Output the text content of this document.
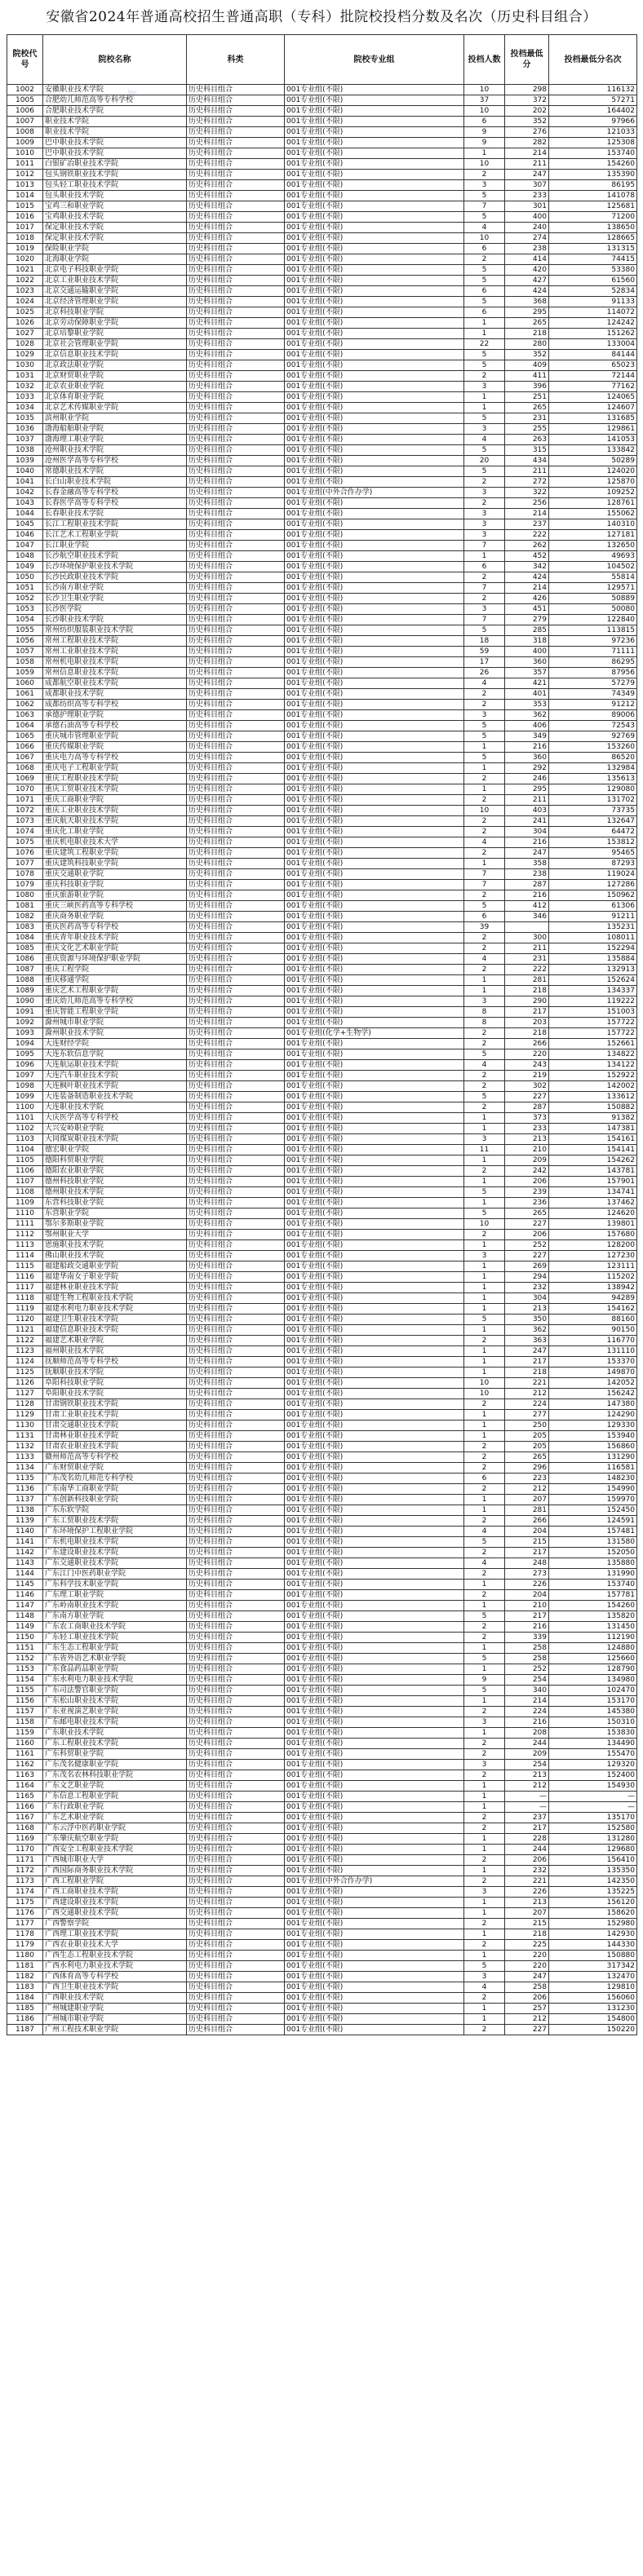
安徽省2024年普通高校招生普通高职（专科）批院校投档分数及名次（历史科目组合）
✦
院校代号	院校名称	科类	院校专业组	投档人数	投档最低分	投档最低分名次
1002	安徽职业技术学院	历史科目组合	001专业组(不限)	10	298	116132
1005	合肥幼儿师范高等专科学校	历史科目组合	001专业组(不限)	37	372	57271
1006	合肥职业技术学院	历史科目组合	001专业组(不限)	10	202	164402
1007	职业技术学院	历史科目组合	001专业组(不限)	6	352	97966
1008	职业技术学院	历史科目组合	001专业组(不限)	9	276	121033
1009	巴中职业技术学院	历史科目组合	001专业组(不限)	9	282	125308
1010	巴中职业技术学院	历史科目组合	001专业组(不限)	1	214	153740
1011	白银矿冶职业技术学院	历史科目组合	001专业组(不限)	10	211	154260
1012	包头钢铁职业技术学院	历史科目组合	001专业组(不限)	2	247	135390
1013	包头轻工职业技术学院	历史科目组合	001专业组(不限)	3	307	86195
1014	包头职业技术学院	历史科目组合	001专业组(不限)	5	233	141078
1015	宝鸡三和职业学院	历史科目组合	001专业组(不限)	7	301	125681
1016	宝鸡职业技术学院	历史科目组合	001专业组(不限)	5	400	71200
1017	保定职业技术学院	历史科目组合	001专业组(不限)	4	240	138650
1018	保定职业技术学院	历史科目组合	001专业组(不限)	10	274	128665
1019	保险职业学院	历史科目组合	001专业组(不限)	6	238	131315
1020	北海职业学院	历史科目组合	001专业组(不限)	2	414	74415
1021	北京电子科技职业学院	历史科目组合	001专业组(不限)	5	420	53380
1022	北京工业职业技术学院	历史科目组合	001专业组(不限)	5	427	61560
1023	北京交通运输职业学院	历史科目组合	001专业组(不限)	6	424	52834
1024	北京经济管理职业学院	历史科目组合	001专业组(不限)	5	368	91133
1025	北京科技职业学院	历史科目组合	001专业组(不限)	6	295	114072
1026	北京劳动保障职业学院	历史科目组合	001专业组(不限)	1	265	124242
1027	北京培黎职业学院	历史科目组合	001专业组(不限)	1	218	151262
1028	北京社会管理职业学院	历史科目组合	001专业组(不限)	22	280	133004
1029	北京信息职业技术学院	历史科目组合	001专业组(不限)	5	352	84144
1030	北京政法职业学院	历史科目组合	001专业组(不限)	5	409	65023
1031	北京财贸职业学院	历史科目组合	001专业组(不限)	2	411	72144
1032	北京农业职业学院	历史科目组合	001专业组(不限)	3	396	77162
1033	北京体育职业学院	历史科目组合	001专业组(不限)	1	251	124065
1034	北京艺术传媒职业学院	历史科目组合	001专业组(不限)	1	265	124607
1035	滨州职业学院	历史科目组合	001专业组(不限)	5	231	131685
1036	渤海船舶职业学院	历史科目组合	001专业组(不限)	3	255	129861
1037	渤海理工职业学院	历史科目组合	001专业组(不限)	4	263	141053
1038	沧州职业技术学院	历史科目组合	001专业组(不限)	5	315	133842
1039	沧州医学高等专科学校	历史科目组合	001专业组(不限)	20	434	50289
1040	常德职业技术学院	历史科目组合	001专业组(不限)	5	211	124020
1041	长白山职业技术学院	历史科目组合	001专业组(不限)	2	272	125870
1042	长春金融高等专科学校	历史科目组合	001专业组(中外合作办学)	3	322	109252
1043	长春医学高等专科学校	历史科目组合	001专业组(不限)	2	256	128761
1044	长春职业技术学院	历史科目组合	001专业组(不限)	3	214	155062
1045	长江工程职业技术学院	历史科目组合	001专业组(不限)	3	237	140310
1046	长江艺术工程职业学院	历史科目组合	001专业组(不限)	3	222	127181
1047	长江职业学院	历史科目组合	001专业组(不限)	7	262	132650
1048	长沙航空职业技术学院	历史科目组合	001专业组(不限)	1	452	49693
1049	长沙环境保护职业技术学院	历史科目组合	001专业组(不限)	6	342	104502
1050	长沙民政职业技术学院	历史科目组合	001专业组(不限)	2	424	55814
1051	长沙南方职业学院	历史科目组合	001专业组(不限)	7	214	129571
1052	长沙卫生职业学院	历史科目组合	001专业组(不限)	2	426	50889
1053	长沙医学院	历史科目组合	001专业组(不限)	3	451	50080
1054	长沙职业技术学院	历史科目组合	001专业组(不限)	7	279	122840
1055	常州纺织服装职业技术学院	历史科目组合	001专业组(不限)	5	285	113815
1056	常州工程职业技术学院	历史科目组合	001专业组(不限)	18	318	97236
1057	常州工业职业技术学院	历史科目组合	001专业组(不限)	59	400	71111
1058	常州机电职业技术学院	历史科目组合	001专业组(不限)	17	360	86295
1059	常州信息职业技术学院	历史科目组合	001专业组(不限)	26	357	87956
1060	成都航空职业技术学院	历史科目组合	001专业组(不限)	4	421	57279
1061	成都职业技术学院	历史科目组合	001专业组(不限)	2	401	74349
1062	成都纺织高等专科学校	历史科目组合	001专业组(不限)	2	353	91212
1063	承德护理职业学院	历史科目组合	001专业组(不限)	3	362	89006
1064	承德石油高等专科学校	历史科目组合	001专业组(不限)	5	406	72543
1065	重庆城市管理职业学院	历史科目组合	001专业组(不限)	5	349	92769
1066	重庆传媒职业学院	历史科目组合	001专业组(不限)	1	216	153260
1067	重庆电力高等专科学校	历史科目组合	001专业组(不限)	5	360	86520
1068	重庆电子工程职业学院	历史科目组合	001专业组(不限)	1	292	132984
1069	重庆工程职业技术学院	历史科目组合	001专业组(不限)	2	246	135613
1070	重庆工贸职业技术学院	历史科目组合	001专业组(不限)	1	295	129080
1071	重庆工商职业学院	历史科目组合	001专业组(不限)	2	211	131702
1072	重庆工业职业技术学院	历史科目组合	001专业组(不限)	10	403	73735
1073	重庆航天职业技术学院	历史科目组合	001专业组(不限)	2	241	132647
1074	重庆化工职业学院	历史科目组合	001专业组(不限)	2	304	64472
1075	重庆机电职业技术大学	历史科目组合	001专业组(不限)	4	216	153812
1076	重庆建筑工程职业学院	历史科目组合	001专业组(不限)	2	247	95465
1077	重庆建筑科技职业学院	历史科目组合	001专业组(不限)	1	358	87293
1078	重庆交通职业学院	历史科目组合	001专业组(不限)	7	238	119024
1079	重庆科技职业学院	历史科目组合	001专业组(不限)	7	287	127286
1080	重庆旅游职业学院	历史科目组合	001专业组(不限)	2	216	150962
1081	重庆三峡医药高等专科学校	历史科目组合	001专业组(不限)	5	412	61306
1082	重庆商务职业学院	历史科目组合	001专业组(不限)	6	346	91211
1083	重庆医药高等专科学校	历史科目组合	001专业组(不限)	39		135231
1084	重庆青年职业技术学院	历史科目组合	001专业组(不限)	2	300	108011
1085	重庆文化艺术职业学院	历史科目组合	001专业组(不限)	2	211	152294
1086	重庆资源与环境保护职业学院	历史科目组合	001专业组(不限)	4	231	135884
1087	重庆工程学院	历史科目组合	001专业组(不限)	2	222	132913
1088	重庆移通学院	历史科目组合	001专业组(不限)	1	281	152624
1089	重庆艺术工程职业学院	历史科目组合	001专业组(不限)	1	218	134337
1090	重庆幼儿师范高等专科学校	历史科目组合	001专业组(不限)	3	290	119222
1091	重庆智能工程职业学院	历史科目组合	001专业组(不限)	8	217	151003
1092	滁州城市职业学院	历史科目组合	001专业组(不限)	8	203	157722
1093	滁州职业技术学院	历史科目组合	001专业组(化学+生物学)	2	218	157722
1094	大连财经学院	历史科目组合	001专业组(不限)	2	266	152661
1095	大连东软信息学院	历史科目组合	001专业组(不限)	5	220	134822
1096	大连航运职业技术学院	历史科目组合	001专业组(不限)	4	243	134122
1097	大连汽车职业技术学院	历史科目组合	001专业组(不限)	2	219	152922
1098	大连枫叶职业技术学院	历史科目组合	001专业组(不限)	2	302	142002
1099	大连装备制造职业技术学院	历史科目组合	001专业组(不限)	5	227	133612
1100	大连职业技术学院	历史科目组合	001专业组(不限)	2	287	150882
1101	大庆医学高等专科学校	历史科目组合	001专业组(不限)	1	373	91382
1102	大兴安岭职业学院	历史科目组合	001专业组(不限)	1	233	147381
1103	大同煤炭职业技术学院	历史科目组合	001专业组(不限)	3	213	154161
1104	德宏职业学院	历史科目组合	001专业组(不限)	11	210	154141
1105	德阳科贸职业学院	历史科目组合	001专业组(不限)	1	209	154262
1106	德阳农业职业学院	历史科目组合	001专业组(不限)	2	242	143781
1107	德州科技职业学院	历史科目组合	001专业组(不限)	1	206	157901
1108	德州职业技术学院	历史科目组合	001专业组(不限)	5	239	134741
1109	东营科技职业学院	历史科目组合	001专业组(不限)	1	236	137462
1110	东营职业学院	历史科目组合	001专业组(不限)	5	265	124620
1111	鄂尔多斯职业学院	历史科目组合	001专业组(不限)	10	227	139801
1112	鄂州职业大学	历史科目组合	001专业组(不限)	2	206	157680
1113	恩施职业技术学院	历史科目组合	001专业组(不限)	1	252	128200
1114	佛山职业技术学院	历史科目组合	001专业组(不限)	3	227	127230
1115	福建船政交通职业学院	历史科目组合	001专业组(不限)	1	269	123111
1116	福建华南女子职业学院	历史科目组合	001专业组(不限)	1	294	115202
1117	福建林业职业技术学院	历史科目组合	001专业组(不限)	1	232	138942
1118	福建生物工程职业技术学院	历史科目组合	001专业组(不限)	1	304	94289
1119	福建水利电力职业技术学院	历史科目组合	001专业组(不限)	1	213	154162
1120	福建卫生职业技术学院	历史科目组合	001专业组(不限)	5	350	88160
1121	福建信息职业技术学院	历史科目组合	001专业组(不限)	1	362	90150
1122	福建艺术职业学院	历史科目组合	001专业组(不限)	2	363	116770
1123	福州职业技术学院	历史科目组合	001专业组(不限)	1	247	131110
1124	抚顺师范高等专科学校	历史科目组合	001专业组(不限)	1	217	153370
1125	抚顺职业技术学院	历史科目组合	001专业组(不限)	1	218	149870
1126	阜阳科技职业学院	历史科目组合	001专业组(不限)	10	221	142052
1127	阜阳职业技术学院	历史科目组合	001专业组(不限)	10	212	156242
1128	甘肃钢铁职业技术学院	历史科目组合	001专业组(不限)	2	224	147380
1129	甘肃工业职业技术学院	历史科目组合	001专业组(不限)	1	277	124290
1130	甘肃交通职业技术学院	历史科目组合	001专业组(不限)	1	250	129330
1131	甘肃林业职业技术学院	历史科目组合	001专业组(不限)	1	205	153940
1132	甘肃农业职业技术学院	历史科目组合	001专业组(不限)	2	205	156860
1133	赣州师范高等专科学校	历史科目组合	001专业组(不限)	2	265	131290
1134	广东财贸职业学院	历史科目组合	001专业组(不限)	2	296	116581
1135	广东茂名幼儿师范专科学校	历史科目组合	001专业组(不限)	6	223	148230
1136	广东南华工商职业学院	历史科目组合	001专业组(不限)	2	212	154990
1137	广东创新科技职业学院	历史科目组合	001专业组(不限)	1	207	159970
1138	广东东软学院	历史科目组合	001专业组(不限)	1	281	152450
1139	广东工贸职业技术学院	历史科目组合	001专业组(不限)	2	266	124591
1140	广东环境保护工程职业学院	历史科目组合	001专业组(不限)	4	204	157481
1141	广东机电职业技术学院	历史科目组合	001专业组(不限)	5	215	131580
1142	广东建设职业技术学院	历史科目组合	001专业组(不限)	2	217	152050
1143	广东交通职业技术学院	历史科目组合	001专业组(不限)	4	248	135880
1144	广东江门中医药职业学院	历史科目组合	001专业组(不限)	2	273	131990
1145	广东科学技术职业学院	历史科目组合	001专业组(不限)	1	226	153740
1146	广东理工职业学院	历史科目组合	001专业组(不限)	2	204	157781
1147	广东岭南职业技术学院	历史科目组合	001专业组(不限)	1	210	154260
1148	广东南方职业学院	历史科目组合	001专业组(不限)	5	217	135820
1149	广东农工商职业技术学院	历史科目组合	001专业组(不限)	2	216	131450
1150	广东轻工职业技术学院	历史科目组合	001专业组(不限)	2	339	112190
1151	广东生态工程职业学院	历史科目组合	001专业组(不限)	1	258	124880
1152	广东省外语艺术职业学院	历史科目组合	001专业组(不限)	5	258	125660
1153	广东食品药品职业学院	历史科目组合	001专业组(不限)	1	252	128790
1154	广东水利电力职业技术学院	历史科目组合	001专业组(不限)	9	254	134980
1155	广东司法警官职业学院	历史科目组合	001专业组(不限)	5	340	102470
1156	广东松山职业技术学院	历史科目组合	001专业组(不限)	1	214	153170
1157	广东亚视演艺职业学院	历史科目组合	001专业组(不限)	2	224	145380
1158	广东邮电职业技术学院	历史科目组合	001专业组(不限)	3	216	150310
1159	广东职业技术学院	历史科目组合	001专业组(不限)	1	208	153830
1160	广东工程职业技术学院	历史科目组合	001专业组(不限)	2	244	134490
1161	广东科贸职业学院	历史科目组合	001专业组(不限)	2	209	155470
1162	广东茂名健康职业学院	历史科目组合	001专业组(不限)	3	254	129320
1163	广东茂名农林科技职业学院	历史科目组合	001专业组(不限)	2	213	152400
1164	广东文艺职业学院	历史科目组合	001专业组(不限)	1	212	154930
1165	广东信息工程职业学院	历史科目组合	001专业组(不限)	1	—	—
1166	广东行政职业学院	历史科目组合	001专业组(不限)	1	—	—
1167	广东艺术职业学院	历史科目组合	001专业组(不限)	2	237	135170
1168	广东云浮中医药职业学院	历史科目组合	001专业组(不限)	2	217	152580
1169	广东肇庆航空职业学院	历史科目组合	001专业组(不限)	1	228	131280
1170	广西安全工程职业技术学院	历史科目组合	001专业组(不限)	1	244	129680
1171	广西城市职业大学	历史科目组合	001专业组(不限)	2	206	156410
1172	广西国际商务职业技术学院	历史科目组合	001专业组(不限)	1	232	135350
1173	广西工程职业学院	历史科目组合	001专业组(中外合作办学)	2	221	142350
1174	广西工商职业技术学院	历史科目组合	001专业组(不限)	3	226	135225
1175	广西建设职业技术学院	历史科目组合	001专业组(不限)	1	213	156120
1176	广西交通职业技术学院	历史科目组合	001专业组(不限)	1	207	158620
1177	广西警察学院	历史科目组合	001专业组(不限)	2	215	152980
1178	广西理工职业技术学院	历史科目组合	001专业组(不限)	1	218	142930
1179	广西农业职业技术大学	历史科目组合	001专业组(不限)	2	225	144330
1180	广西生态工程职业技术学院	历史科目组合	001专业组(不限)	1	220	150880
1181	广西水利电力职业技术学院	历史科目组合	001专业组(不限)	5	220	317342
1182	广西体育高等专科学校	历史科目组合	001专业组(不限)	3	247	132470
1183	广西卫生职业技术学院	历史科目组合	001专业组(不限)	4	258	129810
1184	广西职业技术学院	历史科目组合	001专业组(不限)	2	206	156060
1185	广州城建职业学院	历史科目组合	001专业组(不限)	1	257	131230
1186	广州城市职业学院	历史科目组合	001专业组(不限)	1	212	154800
1187	广州工程技术职业学院	历史科目组合	001专业组(不限)	2	227	150220
